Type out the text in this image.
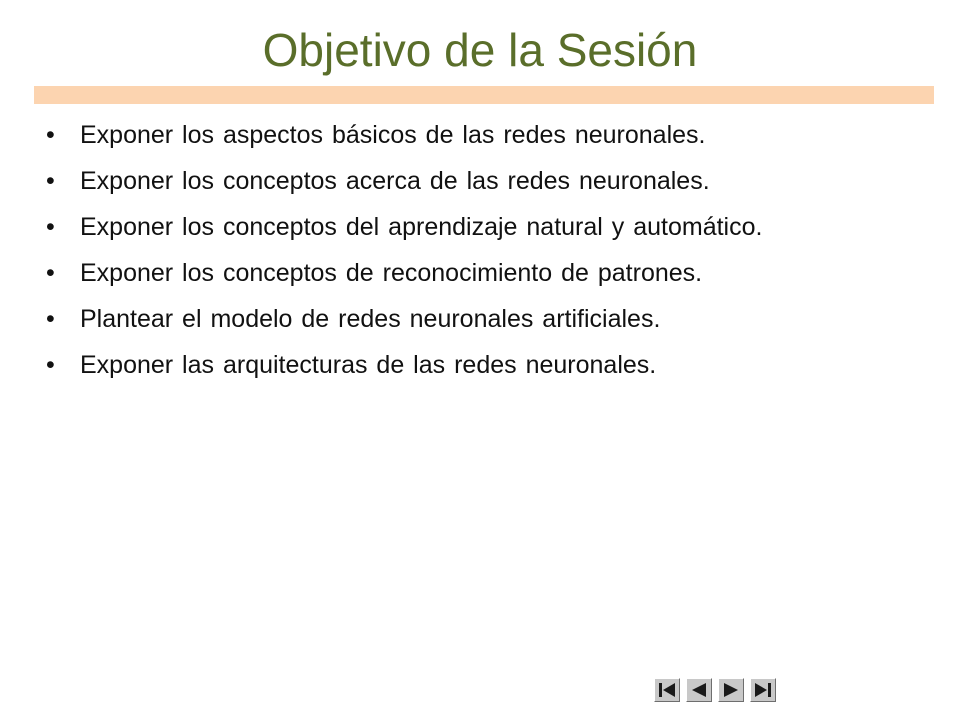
Objetivo de la Sesión
• Exponer los aspectos básicos de las redes neuronales.
• Exponer los conceptos acerca de las redes neuronales.
• Exponer los conceptos del aprendizaje natural y automático.
• Exponer los conceptos de reconocimiento de patrones.
• Plantear el modelo de redes neuronales artificiales.
• Exponer las arquitecturas de las redes neuronales.
